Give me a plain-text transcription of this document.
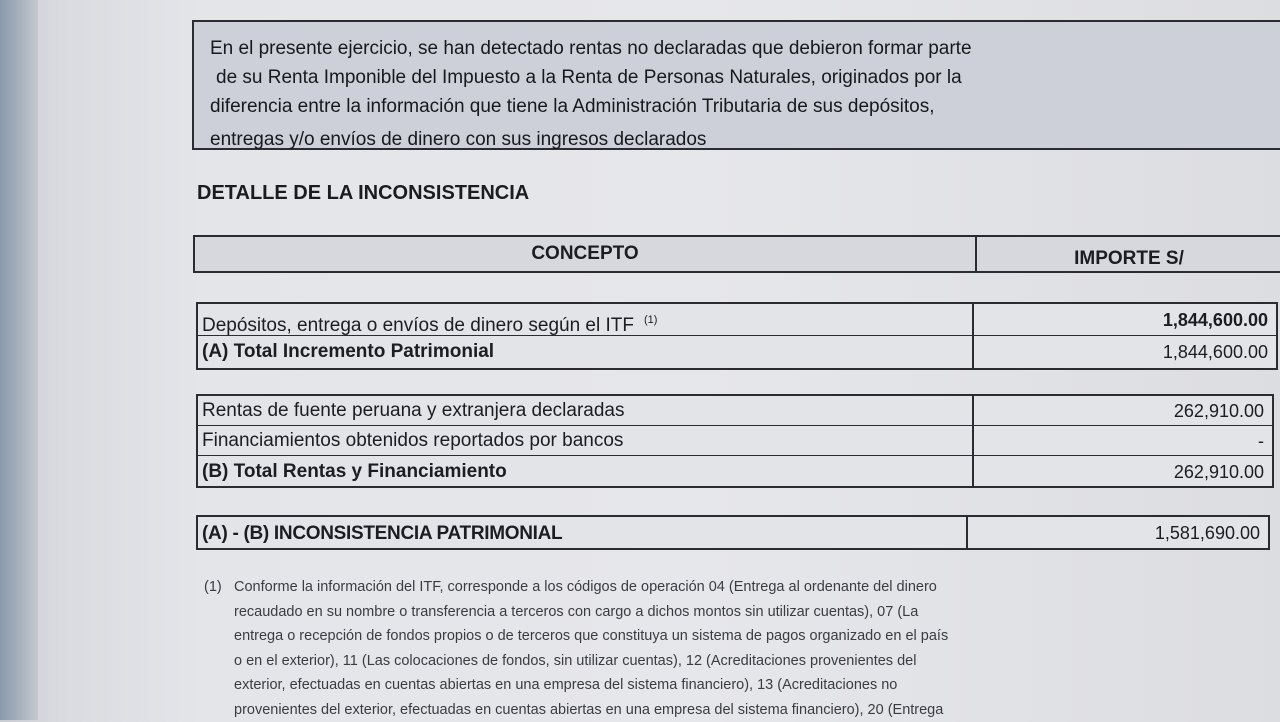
En el presente ejercicio, se han detectado rentas no declaradas que debieron formar parte
de su Renta Imponible del Impuesto a la Renta de Personas Naturales, originados por la
diferencia entre la información que tiene la Administración Tributaria de sus depósitos,
entregas y/o envíos de dinero con sus ingresos declarados
DETALLE DE LA INCONSISTENCIA
CONCEPTO	IMPORTE S/
Depósitos, entrega o envíos de dinero según el ITF $^{(1)}$	1,844,600.00
(A) Total Incremento Patrimonial	1,844,600.00
Rentas de fuente peruana y extranjera declaradas	262,910.00
Financiamientos obtenidos reportados por bancos	-
(B) Total Rentas y Financiamiento	262,910.00
(A) - (B) INCONSISTENCIA PATRIMONIAL	1,581,690.00
(1) Conforme la información del ITF, corresponde a los códigos de operación 04 (Entrega al ordenante del dinero
recaudado en su nombre o transferencia a terceros con cargo a dichos montos sin utilizar cuentas), 07 (La
entrega o recepción de fondos propios o de terceros que constituya un sistema de pagos organizado en el país
o en el exterior), 11 (Las colocaciones de fondos, sin utilizar cuentas), 12 (Acreditaciones provenientes del
exterior, efectuadas en cuentas abiertas en una empresa del sistema financiero), 13 (Acreditaciones no
provenientes del exterior, efectuadas en cuentas abiertas en una empresa del sistema financiero), 20 (Entrega
